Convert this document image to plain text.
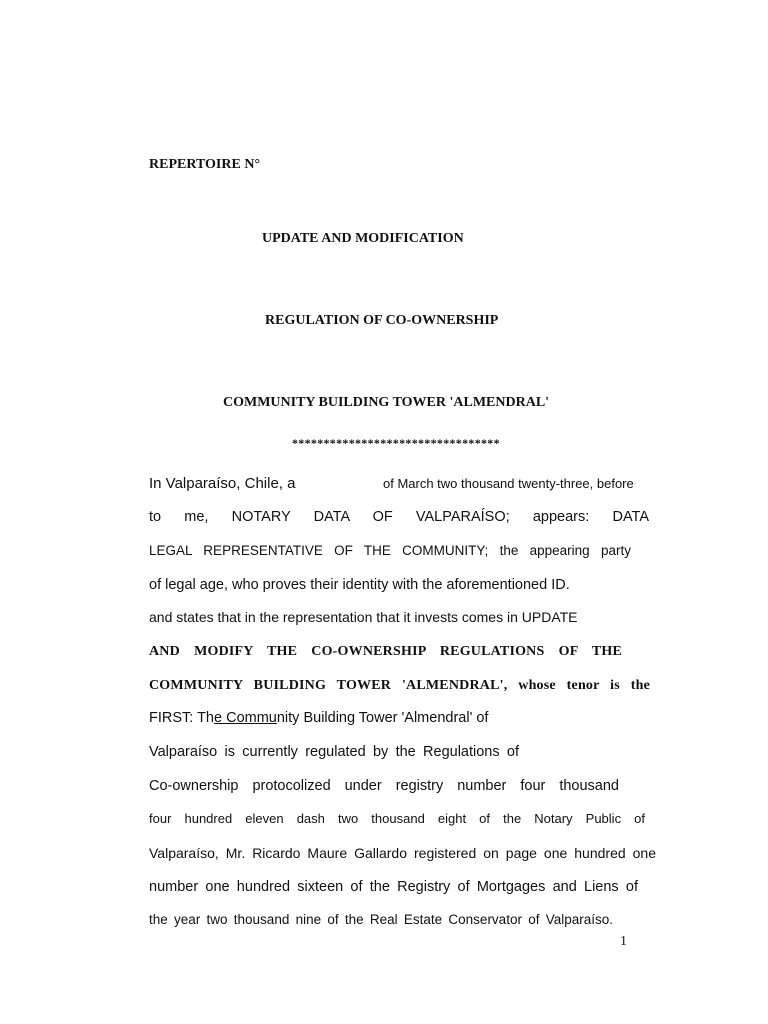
REPERTOIRE N°
UPDATE AND MODIFICATION
REGULATION OF CO-OWNERSHIP
COMMUNITY BUILDING TOWER 'ALMENDRAL'
*********************************
In Valparaíso, Chile, a	of March two thousand twenty-three, before
to me, NOTARY DATA OF VALPARAÍSO; appears: DATA
LEGAL REPRESENTATIVE OF THE COMMUNITY; the appearing party
of legal age, who proves their identity with the aforementioned ID.
and states that in the representation that it invests comes in UPDATE
AND MODIFY THE CO-OWNERSHIP REGULATIONS OF THE
COMMUNITY BUILDING TOWER 'ALMENDRAL', whose tenor is the
FIRST: The Community Building Tower 'Almendral' of
Valparaíso is currently regulated by the Regulations of
Co-ownership protocolized under registry number four thousand
four hundred eleven dash two thousand eight of the Notary Public of
Valparaíso, Mr. Ricardo Maure Gallardo registered on page one hundred one
number one hundred sixteen of the Registry of Mortgages and Liens of
the year two thousand nine of the Real Estate Conservator of Valparaíso.
1
